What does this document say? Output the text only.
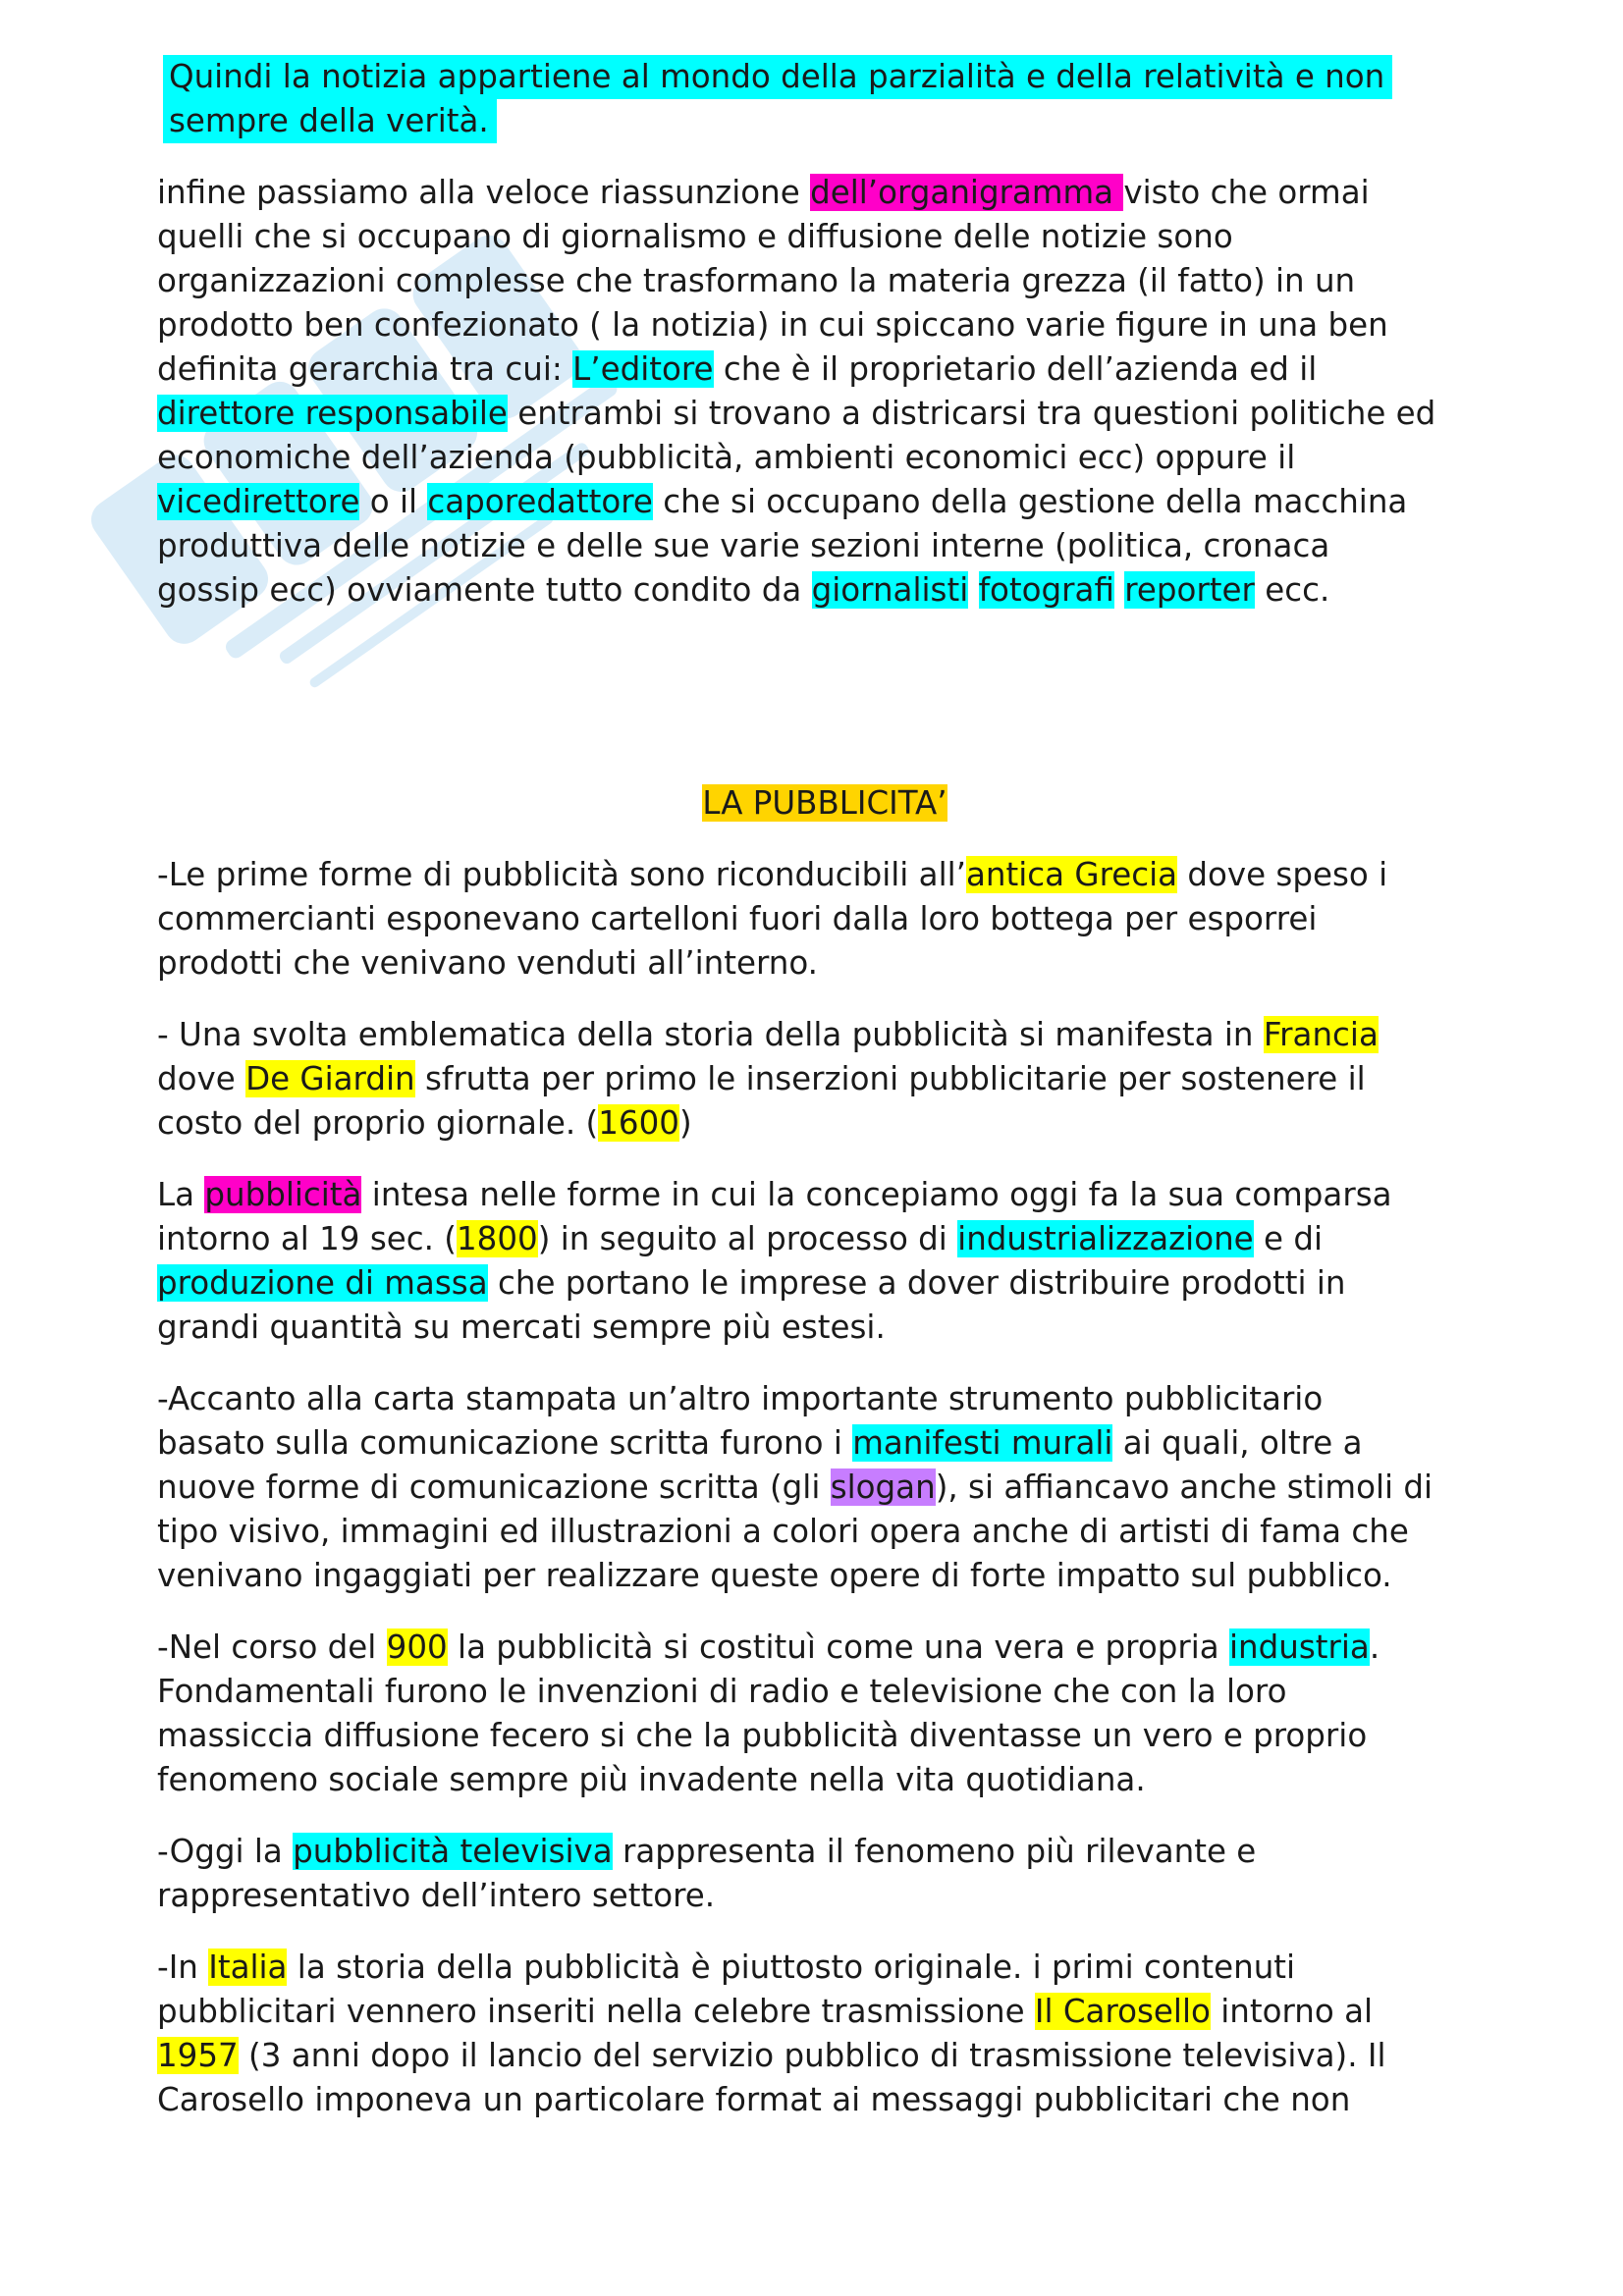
Quindi la notizia appartiene al mondo della parzialità e della relatività e non
sempre della verità.

infine passiamo alla veloce riassunzione dell’organigramma visto che ormai
quelli che si occupano di giornalismo e diffusione delle notizie sono
organizzazioni complesse che trasformano la materia grezza (il fatto) in un
prodotto ben confezionato ( la notizia) in cui spiccano varie figure in una ben
definita gerarchia tra cui: L’editore che è il proprietario dell’azienda ed il
direttore responsabile entrambi si trovano a districarsi tra questioni politiche ed
economiche dell’azienda (pubblicità, ambienti economici ecc) oppure il
vicedirettore o il caporedattore che si occupano della gestione della macchina
produttiva delle notizie e delle sue varie sezioni interne (politica, cronaca
gossip ecc) ovviamente tutto condito da giornalisti fotografi reporter ecc.

LA PUBBLICITA’

-Le prime forme di pubblicità sono riconducibili all’antica Grecia dove speso i
commercianti esponevano cartelloni fuori dalla loro bottega per esporrei
prodotti che venivano venduti all’interno.

- Una svolta emblematica della storia della pubblicità si manifesta in Francia
dove De Giardin sfrutta per primo le inserzioni pubblicitarie per sostenere il
costo del proprio giornale. (1600)

La pubblicità intesa nelle forme in cui la concepiamo oggi fa la sua comparsa
intorno al 19 sec. (1800) in seguito al processo di industrializzazione e di
produzione di massa che portano le imprese a dover distribuire prodotti in
grandi quantità su mercati sempre più estesi.

-Accanto alla carta stampata un’altro importante strumento pubblicitario
basato sulla comunicazione scritta furono i manifesti murali ai quali, oltre a
nuove forme di comunicazione scritta (gli slogan), si affiancavo anche stimoli di
tipo visivo, immagini ed illustrazioni a colori opera anche di artisti di fama che
venivano ingaggiati per realizzare queste opere di forte impatto sul pubblico.

-Nel corso del 900 la pubblicità si costituì come una vera e propria industria.
Fondamentali furono le invenzioni di radio e televisione che con la loro
massiccia diffusione fecero si che la pubblicità diventasse un vero e proprio
fenomeno sociale sempre più invadente nella vita quotidiana.

-Oggi la pubblicità televisiva rappresenta il fenomeno più rilevante e
rappresentativo dell’intero settore.

-In Italia la storia della pubblicità è piuttosto originale. i primi contenuti
pubblicitari vennero inseriti nella celebre trasmissione Il Carosello intorno al
1957 (3 anni dopo il lancio del servizio pubblico di trasmissione televisiva). Il
Carosello imponeva un particolare format ai messaggi pubblicitari che non
